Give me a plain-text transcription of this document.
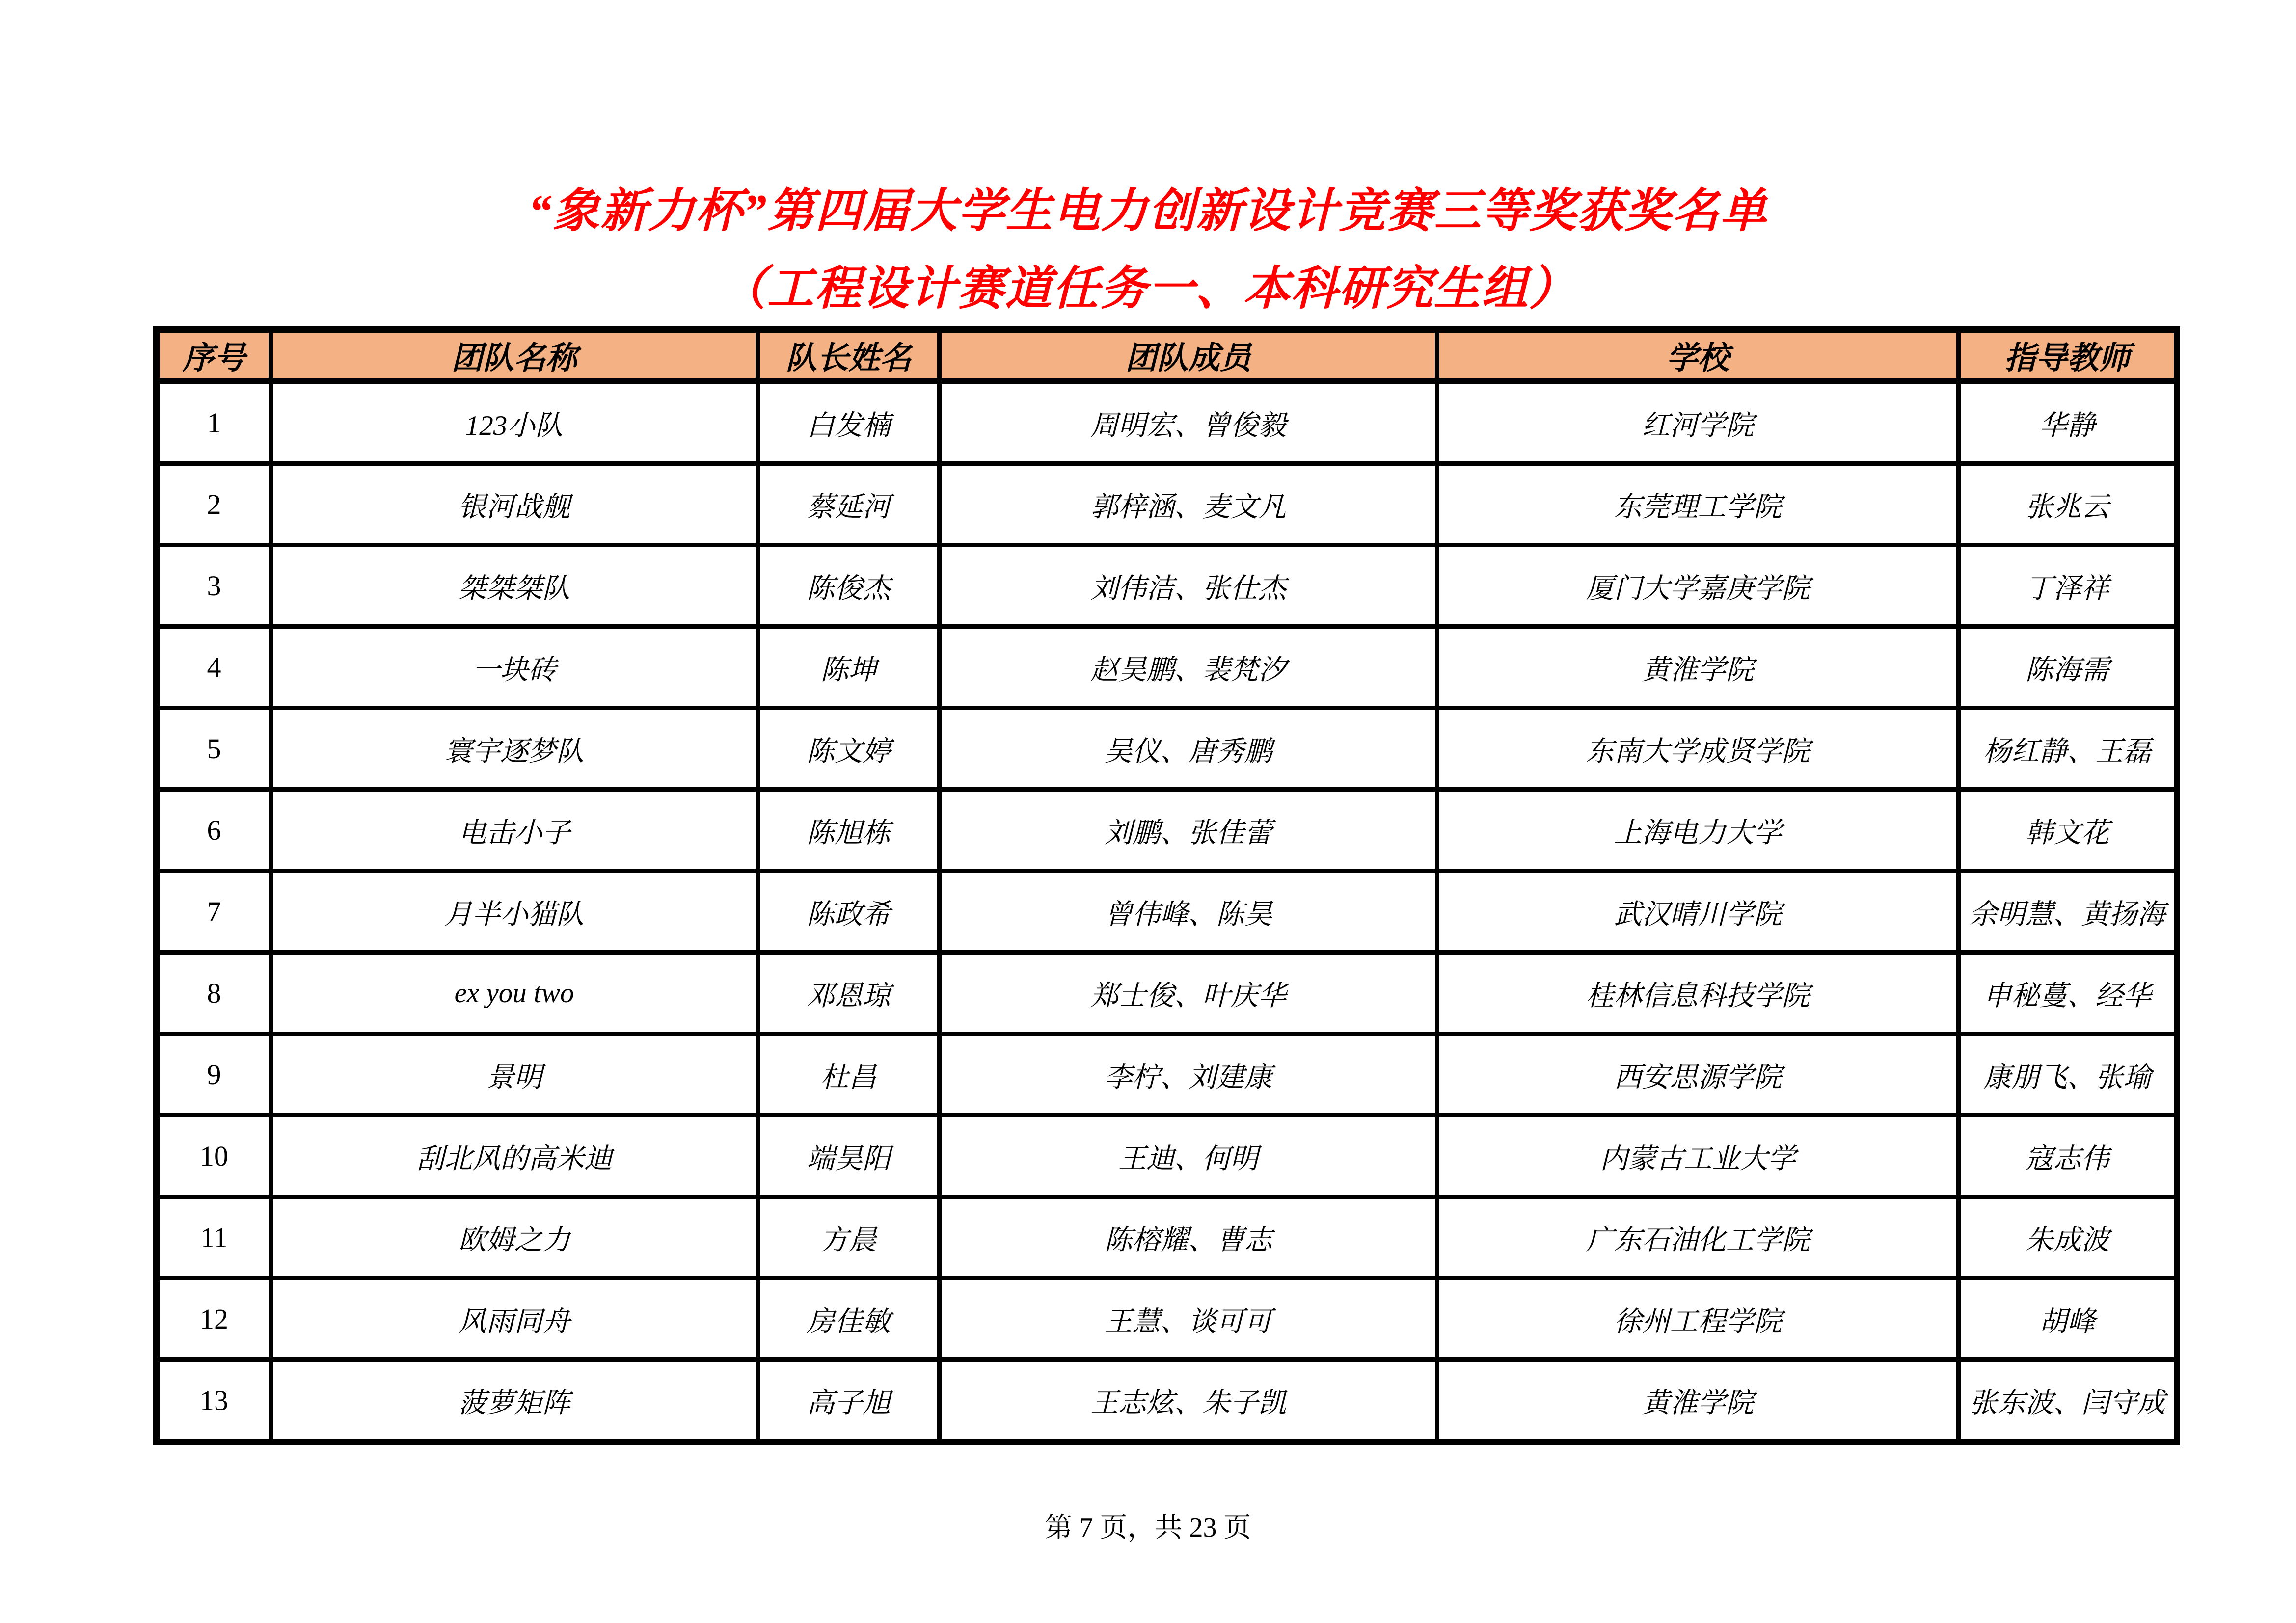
“象新力杯”第四届大学生电力创新设计竞赛三等奖获奖名单
（工程设计赛道任务一、本科研究生组）
序号	团队名称	队长姓名	团队成员	学校	指导教师
1	123小队	白发楠	周明宏、曾俊毅	红河学院	华静
2	银河战舰	蔡延河	郭梓涵、麦文凡	东莞理工学院	张兆云
3	桀桀桀队	陈俊杰	刘伟洁、张仕杰	厦门大学嘉庚学院	丁泽祥
4	一块砖	陈坤	赵昊鹏、裴梵汐	黄淮学院	陈海需
5	寰宇逐梦队	陈文婷	吴仪、唐秀鹏	东南大学成贤学院	杨红静、王磊
6	电击小子	陈旭栋	刘鹏、张佳蕾	上海电力大学	韩文花
7	月半小猫队	陈政希	曾伟峰、陈昊	武汉晴川学院	余明慧、黄扬海
8	ex you two	邓恩琼	郑士俊、叶庆华	桂林信息科技学院	申秘蔓、经华
9	景明	杜昌	李柠、刘建康	西安思源学院	康朋飞、张瑜
10	刮北风的高米迪	端昊阳	王迪、何明	内蒙古工业大学	寇志伟
11	欧姆之力	方晨	陈榕耀、曹志	广东石油化工学院	朱成波
12	风雨同舟	房佳敏	王慧、谈可可	徐州工程学院	胡峰
13	菠萝矩阵	高子旭	王志炫、朱子凯	黄淮学院	张东波、闫守成
第 7 页，共 23 页
